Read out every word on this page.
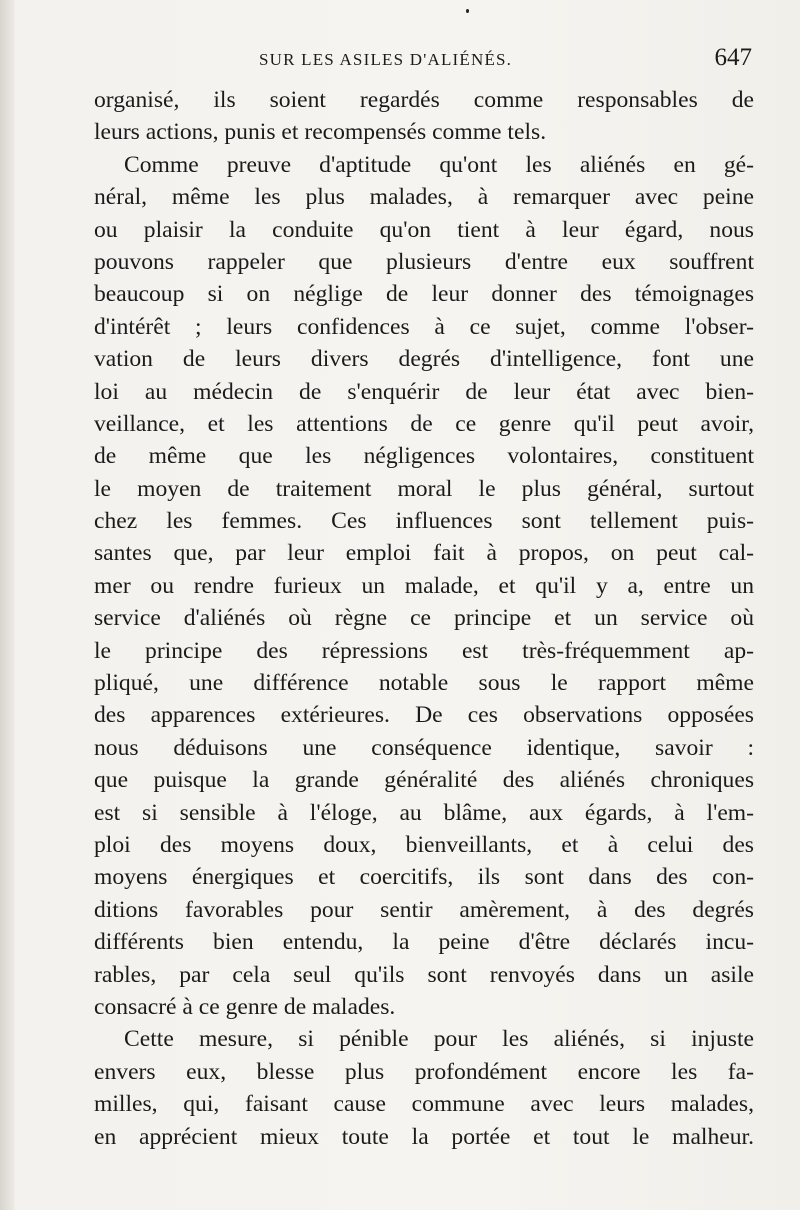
SUR LES ASILES D'ALIÉNÉS.	647
organisé, ils soient regardés comme responsables de
leurs actions, punis et recompensés comme tels.
Comme preuve d'aptitude qu'ont les aliénés en gé-
néral, même les plus malades, à remarquer avec peine
ou plaisir la conduite qu'on tient à leur égard, nous
pouvons rappeler que plusieurs d'entre eux souffrent
beaucoup si on néglige de leur donner des témoignages
d'intérêt ; leurs confidences à ce sujet, comme l'obser-
vation de leurs divers degrés d'intelligence, font une
loi au médecin de s'enquérir de leur état avec bien-
veillance, et les attentions de ce genre qu'il peut avoir,
de même que les négligences volontaires, constituent
le moyen de traitement moral le plus général, surtout
chez les femmes. Ces influences sont tellement puis-
santes que, par leur emploi fait à propos, on peut cal-
mer ou rendre furieux un malade, et qu'il y a, entre un
service d'aliénés où règne ce principe et un service où
le principe des répressions est très-fréquemment ap-
pliqué, une différence notable sous le rapport même
des apparences extérieures. De ces observations opposées
nous déduisons une conséquence identique, savoir :
que puisque la grande généralité des aliénés chroniques
est si sensible à l'éloge, au blâme, aux égards, à l'em-
ploi des moyens doux, bienveillants, et à celui des
moyens énergiques et coercitifs, ils sont dans des con-
ditions favorables pour sentir amèrement, à des degrés
différents bien entendu, la peine d'être déclarés incu-
rables, par cela seul qu'ils sont renvoyés dans un asile
consacré à ce genre de malades.
Cette mesure, si pénible pour les aliénés, si injuste
envers eux, blesse plus profondément encore les fa-
milles, qui, faisant cause commune avec leurs malades,
en apprécient mieux toute la portée et tout le malheur.
